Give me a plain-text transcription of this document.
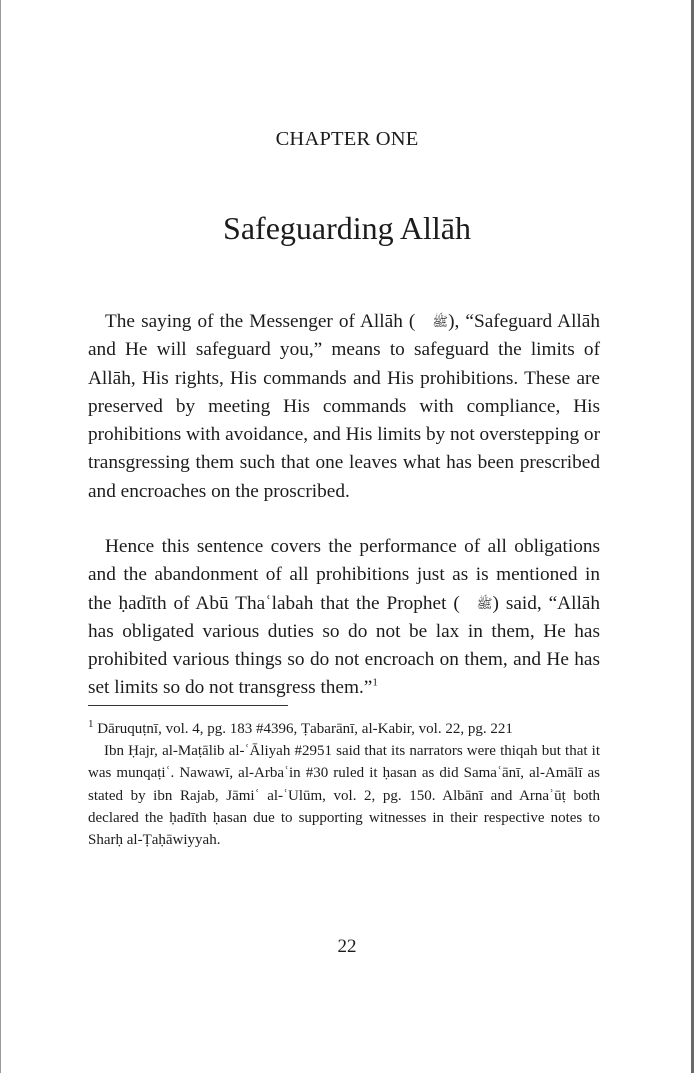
CHAPTER ONE
Safeguarding Allāh

The saying of the Messenger of Allāh ( ﷺ), “Safeguard Allāh and He will safeguard you,” means to safeguard the limits of Allāh, His rights, His commands and His prohibitions. These are preserved by meeting His commands with compliance, His prohibitions with avoidance, and His limits by not overstepping or transgressing them such that one leaves what has been prescribed and encroaches on the proscribed.

Hence this sentence covers the performance of all obligations and the abandonment of all prohibitions just as is mentioned in the ḥadīth of Abū Thaʿlabah that the Prophet ( ﷺ) said, “Allāh has obligated various duties so do not be lax in them, He has prohibited various things so do not encroach on them, and He has set limits so do not transgress them.”$^1$

$^1$ Dāruquṭnī, vol. 4, pg. 183 #4396, Ṭabarānī, al-Kabir, vol. 22, pg. 221

Ibn Ḥajr, al-Maṭālib al-ʿĀliyah #2951 said that its narrators were thiqah but that it was munqaṭiʿ. Nawawī, al-Arbaʿin #30 ruled it ḥasan as did Samaʿānī, al-Amālī as stated by ibn Rajab, Jāmiʿ al-ʿUlūm, vol. 2, pg. 150. Albānī and Arnaʾūṭ both declared the ḥadīth ḥasan due to supporting witnesses in their respective notes to Sharḥ al-Ṭaḥāwiyyah.

22
